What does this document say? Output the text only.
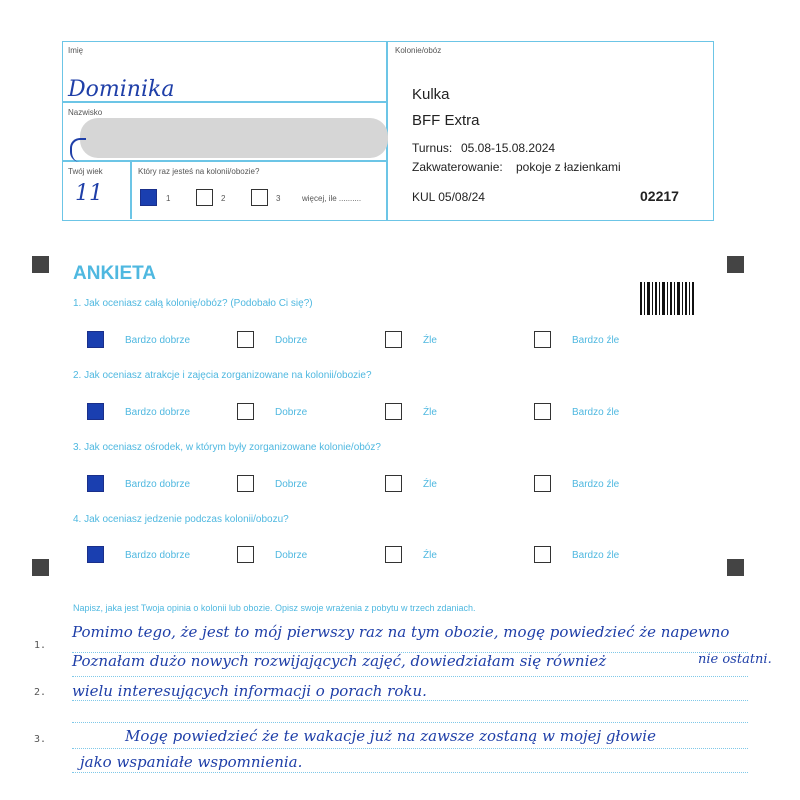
Imię
Dominika
Nazwisko
Twój wiek
11
Który raz jesteś na kolonii/obozie?
1	2	3	więcej, ile ..........
Kolonie/obóz
Kulka
BFF Extra
Turnus: 05.08-15.08.2024
Zakwaterowanie: pokoje z łazienkami
KUL 05/08/24	02217
ANKIETA
1. Jak oceniasz całą kolonię/obóz? (Podobało Ci się?)
Bardzo dobrze	Dobrze	Źle	Bardzo źle
2. Jak oceniasz atrakcje i zajęcia zorganizowane na kolonii/obozie?
Bardzo dobrze	Dobrze	Źle	Bardzo źle
3. Jak oceniasz ośrodek, w którym były zorganizowane kolonie/obóz?
Bardzo dobrze	Dobrze	Źle	Bardzo źle
4. Jak oceniasz jedzenie podczas kolonii/obozu?
Bardzo dobrze	Dobrze	Źle	Bardzo źle
Napisz, jaka jest Twoja opinia o kolonii lub obozie. Opisz swoje wrażenia z pobytu w trzech zdaniach.
1.
2.
3.
Pomimo tego, że jest to mój pierwszy raz na tym obozie, mogę powiedzieć że napewno
Poznałam dużo nowych rozwijających zajęć, dowiedziałam się również	nie ostatni.
wielu interesujących informacji o porach roku.
Mogę powiedzieć że te wakacje już na zawsze zostaną w mojej głowie
jako wspaniałe wspomnienia.
